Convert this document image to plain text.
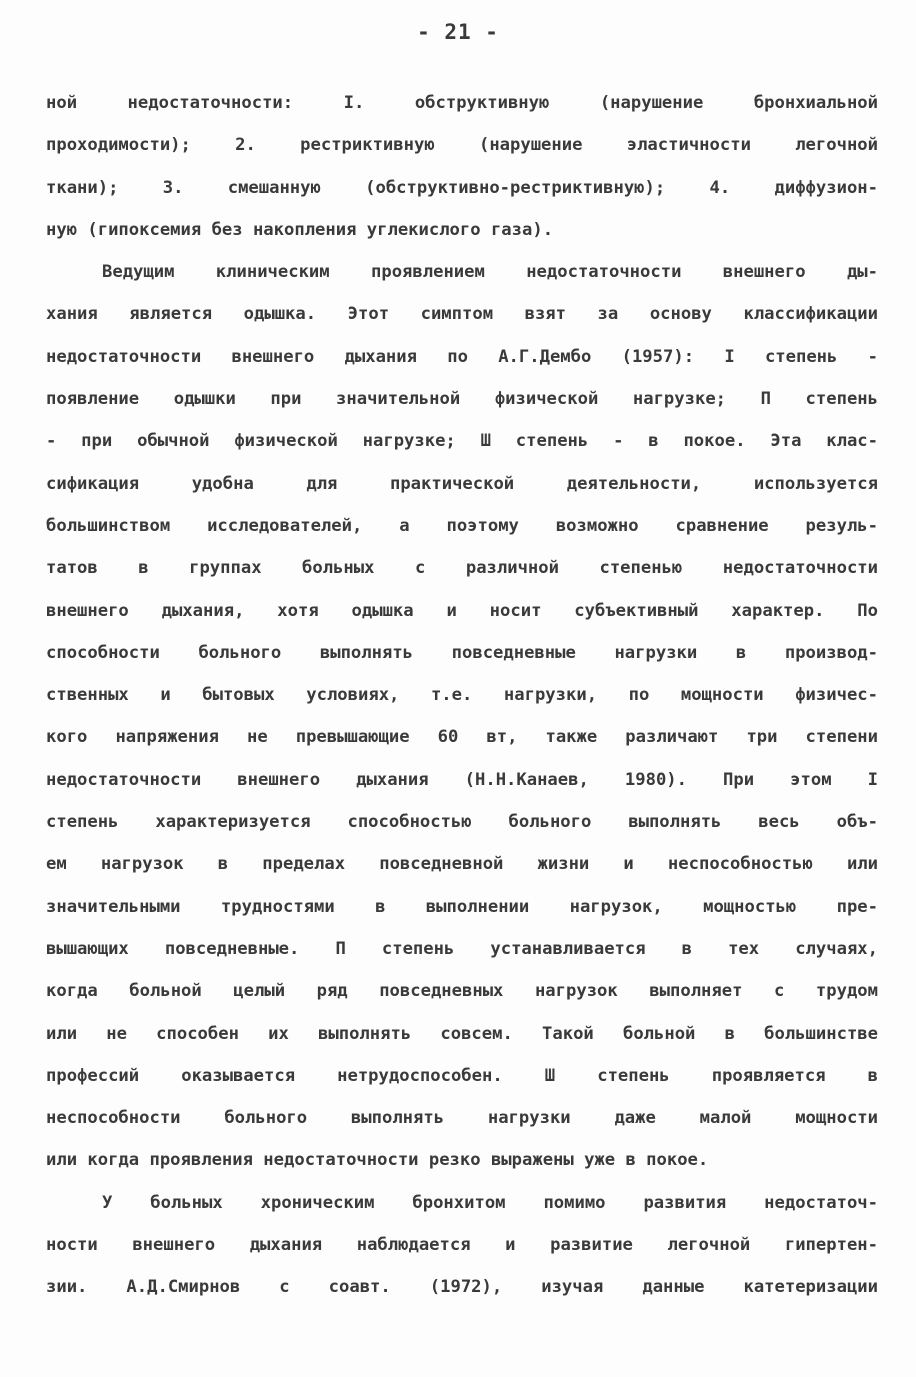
- 21 -
ной недостаточности: I. обструктивную (нарушение бронхиальной
проходимости); 2. рестриктивную (нарушение эластичности легочной
ткани); 3. смешанную (обструктивно-рестриктивную); 4. диффузион-
ную (гипоксемия без накопления углекислого газа).
Ведущим клиническим проявлением недостаточности внешнего ды-
хания является одышка. Этот симптом взят за основу классификации
недостаточности внешнего дыхания по А.Г.Дембо (1957): I степень -
появление одышки при значительной физической нагрузке; П степень
- при обычной физической нагрузке; Ш степень - в покое. Эта клас-
сификация удобна для практической деятельности, используется
большинством исследователей, а поэтому возможно сравнение резуль-
татов в группах больных с различной степенью недостаточности
внешнего дыхания, хотя одышка и носит субъективный характер. По
способности больного выполнять повседневные нагрузки в производ-
ственных и бытовых условиях, т.е. нагрузки, по мощности физичес-
кого напряжения не превышающие 60 вт, также различают три степени
недостаточности внешнего дыхания (Н.Н.Канаев, 1980). При этом I
степень характеризуется способностью больного выполнять весь объ-
ем нагрузок в пределах повседневной жизни и неспособностью или
значительными трудностями в выполнении нагрузок, мощностью пре-
вышающих повседневные. П степень устанавливается в тех случаях,
когда больной целый ряд повседневных нагрузок выполняет с трудом
или не способен их выполнять совсем. Такой больной в большинстве
профессий оказывается нетрудоспособен. Ш степень проявляется в
неспособности больного выполнять нагрузки даже малой мощности
или когда проявления недостаточности резко выражены уже в покое.
У больных хроническим бронхитом помимо развития недостаточ-
ности внешнего дыхания наблюдается и развитие легочной гипертен-
зии. А.Д.Смирнов с соавт. (1972), изучая данные катетеризации
